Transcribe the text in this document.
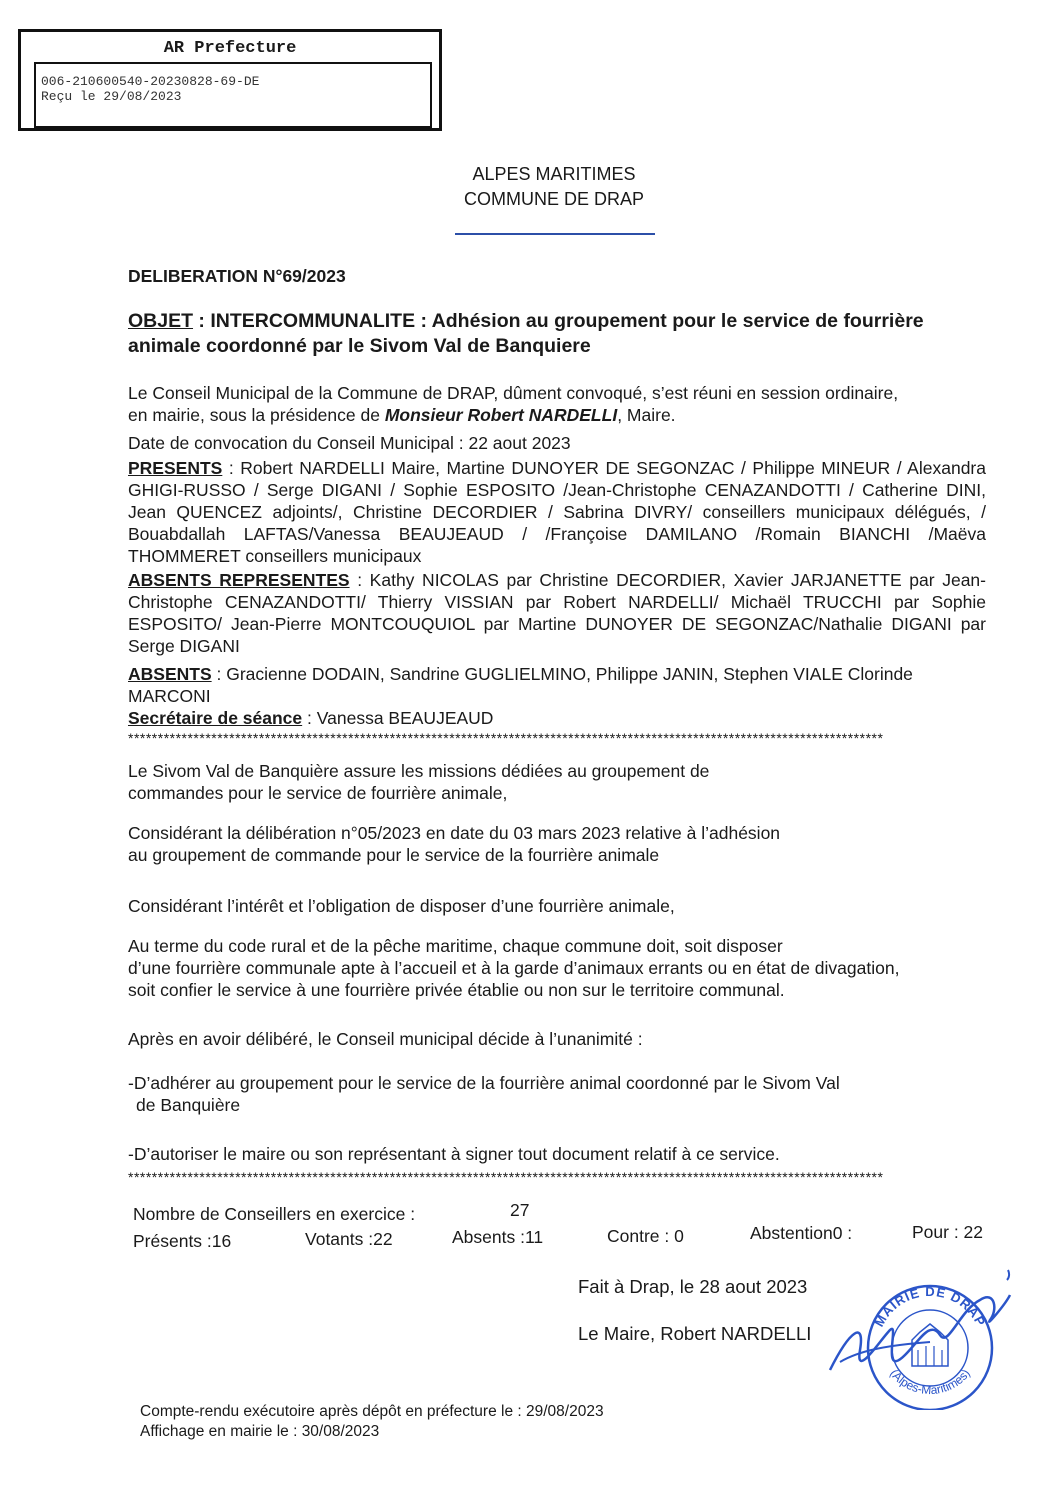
AR Prefecture
006-210600540-20230828-69-DE
Reçu le 29/08/2023
ALPES MARITIMES
COMMUNE DE DRAP
DELIBERATION N°69/2023
OBJET : INTERCOMMUNALITE : Adhésion au groupement pour le service de fourrière animale coordonné par le Sivom Val de Banquiere
Le Conseil Municipal de la Commune de DRAP, dûment convoqué, s’est réuni en session ordinaire, en mairie, sous la présidence de Monsieur Robert NARDELLI, Maire.
Date de convocation du Conseil Municipal : 22 aout 2023
PRESENTS : Robert NARDELLI Maire, Martine DUNOYER DE SEGONZAC / Philippe MINEUR / Alexandra GHIGI-RUSSO / Serge DIGANI / Sophie ESPOSITO /Jean-Christophe CENAZANDOTTI / Catherine DINI, Jean QUENCEZ adjoints/, Christine DECORDIER / Sabrina DIVRY/ conseillers municipaux délégués, / Bouabdallah LAFTAS/Vanessa BEAUJEAUD / /Françoise DAMILANO /Romain BIANCHI /Maëva THOMMERET conseillers municipaux
ABSENTS REPRESENTES : Kathy NICOLAS par Christine DECORDIER, Xavier JARJANETTE par Jean-Christophe CENAZANDOTTI/ Thierry VISSIAN par Robert NARDELLI/ Michaël TRUCCHI par Sophie ESPOSITO/ Jean-Pierre MONTCOUQUIOL par Martine DUNOYER DE SEGONZAC/Nathalie DIGANI par Serge DIGANI
ABSENTS : Gracienne DODAIN, Sandrine GUGLIELMINO, Philippe JANIN, Stephen VIALE Clorinde MARCONI
Secrétaire de séance : Vanessa BEAUJEAUD
*******************************************************************************************************************************
Le Sivom Val de Banquière assure les missions dédiées au groupement de
commandes pour le service de fourrière animale,
Considérant la délibération n°05/2023 en date du 03 mars 2023 relative à l’adhésion
au groupement de commande pour le service de la fourrière animale
Considérant l’intérêt et l’obligation de disposer d’une fourrière animale,
Au terme du code rural et de la pêche maritime, chaque commune doit, soit disposer
d’une fourrière communale apte à l’accueil et à la garde d’animaux errants ou en état de divagation,
soit confier le service à une fourrière privée établie ou non sur le territoire communal.
Après en avoir délibéré, le Conseil municipal décide à l’unanimité :
-D’adhérer au groupement pour le service de la fourrière animal coordonné par le Sivom Val
de Banquière
-D’autoriser le maire ou son représentant à signer tout document relatif à ce service.
*******************************************************************************************************************************
Nombre de Conseillers en exercice :	27
Présents :16	Votants :22	Absents :11	Contre : 0	Abstention0 :	Pour : 22
Fait à Drap, le 28 aout 2023
Le Maire, Robert NARDELLI
MAIRIE DE DRAP
(Alpes-Maritimes)
Compte-rendu exécutoire après dépôt en préfecture le : 29/08/2023
Affichage en mairie le : 30/08/2023
